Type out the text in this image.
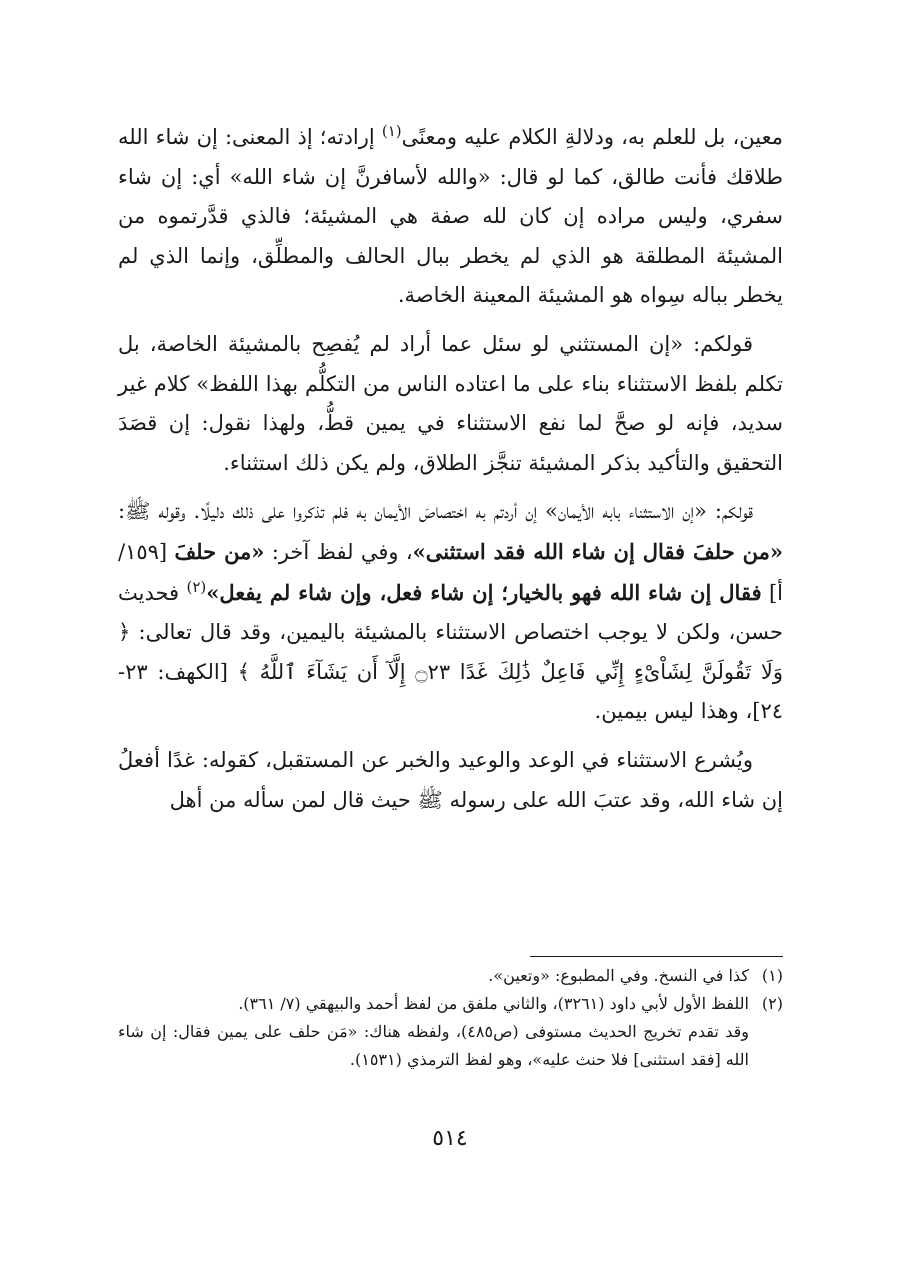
معين، بل للعلم به، ودلالةِ الكلام عليه ومعنًى$^{(١)}$ إرادته؛ إذ المعنى: إن شاء الله طلاقك فأنت طالق، كما لو قال: «والله لأسافرنَّ إن شاء الله» أي: إن شاء سفري، وليس مراده إن كان لله صفة هي المشيئة؛ فالذي قدَّرتموه من المشيئة المطلقة هو الذي لم يخطر ببال الحالف والمطلِّق، وإنما الذي لم يخطر بباله سِواه هو المشيئة المعينة الخاصة.

قولكم: «إن المستثني لو سئل عما أراد لم يُفصِح بالمشيئة الخاصة، بل تكلم بلفظ الاستثناء بناء على ما اعتاده الناس من التكلُّم بهذا اللفظ» كلام غير سديد، فإنه لو صحَّ لما نفع الاستثناء في يمين قطُّ، ولهذا نقول: إن قصَدَ التحقيق والتأكيد بذكر المشيئة تنجَّز الطلاق، ولم يكن ذلك استثناء.

قولكم: «إن الاستثناء بابه الأيمان» إن أردتم به اختصاصَ الأيمان به فلم تذكروا على ذلك دليلًا. وقوله ﷺ: «من حلفَ فقال إن شاء الله فقد استثنى»، وفي لفظ آخر: «من حلفَ [١٥٩/ أ] فقال إن شاء الله فهو بالخيار؛ إن شاء فعل، وإن شاء لم يفعل»$^{(٢)}$ فحديث حسن، ولكن لا يوجب اختصاص الاستثناء بالمشيئة باليمين، وقد قال تعالى: ﴿ وَلَا تَقُولَنَّ لِشَاْىْءٍ إِنِّي فَاعِلٌ ذَٰلِكَ غَدًا ۝٢٣ إِلَّآ أَن يَشَآءَ ٱللَّهُ ﴾ [الكهف: ٢٣- ٢٤]، وهذا ليس بيمين.

ويُشرع الاستثناء في الوعد والوعيد والخبر عن المستقبل، كقوله: غدًا أفعلُ إن شاء الله، وقد عتبَ الله على رسوله ﷺ حيث قال لمن سأله من أهل

(١)
كذا في النسخ. وفي المطبوع: «وتعين».
(٢)
اللفظ الأول لأبي داود (٣٢٦١)، والثاني ملفق من لفظ أحمد والبيهقي (٧/ ٣٦١).
وقد تقدم تخريج الحديث مستوفى (ص٤٨٥)، ولفظه هناك: «مَن حلف على يمين فقال: إن شاء الله [فقد استثنى] فلا حنث عليه»، وهو لفظ الترمذي (١٥٣١).
٥١٤
